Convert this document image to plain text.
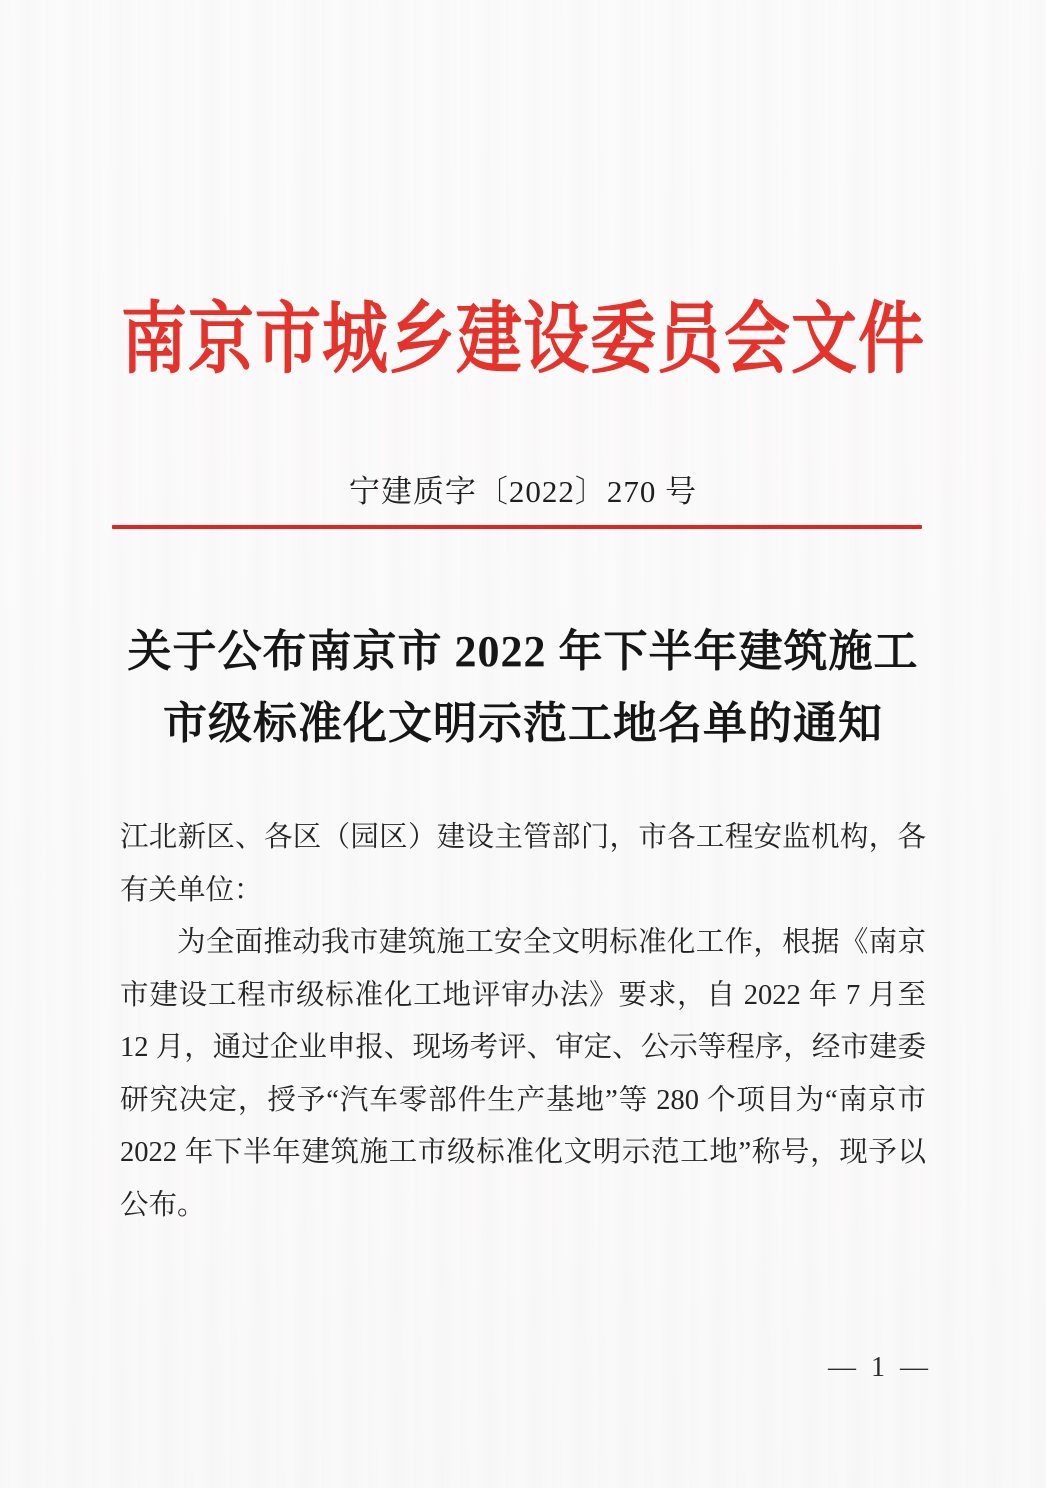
南京市城乡建设委员会文件
宁建质字〔2022〕270 号
关于公布南京市 2022 年下半年建筑施工
市级标准化文明示范工地名单的通知
江北新区、各区（园区）建设主管部门，市各工程安监机构，各
有关单位：
为全面推动我市建筑施工安全文明标准化工作，根据《南京
市建设工程市级标准化工地评审办法》要求，自 2022 年 7 月至
12 月，通过企业申报、现场考评、审定、公示等程序，经市建委
研究决定，授予“汽车零部件生产基地”等 280 个项目为“南京市
2022 年下半年建筑施工市级标准化文明示范工地”称号，现予以
公布。
— 1 —
